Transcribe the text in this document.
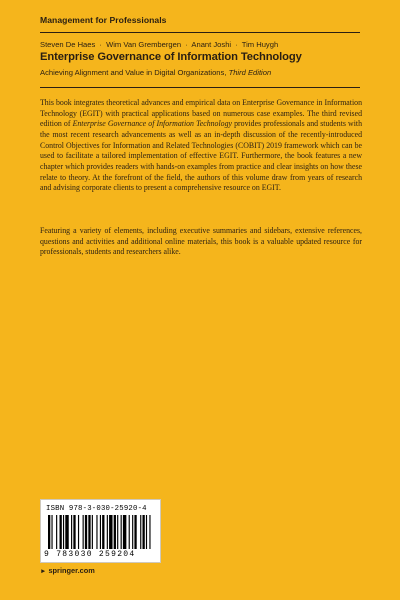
Management for Professionals
Steven De Haes · Wim Van Grembergen · Anant Joshi · Tim Huygh
Enterprise Governance of Information Technology
Achieving Alignment and Value in Digital Organizations, Third Edition

This book integrates theoretical advances and empirical data on Enterprise Governance in Information Technology (EGIT) with practical applications based on numerous case examples. The third revised edition of Enterprise Governance of Information Technology provides professionals and students with the most recent research advancements as well as an in-depth discussion of the recently-introduced Control Objectives for Information and Related Technologies (COBIT) 2019 framework which can be used to facilitate a tailored implementation of effective EGIT. Furthermore, the book features a new chapter which provides readers with hands-on examples from practice and clear insights on how these relate to theory. At the forefront of the field, the authors of this volume draw from years of research and advising corporate clients to present a comprehensive resource on EGIT.

Featuring a variety of elements, including executive summaries and sidebars, extensive references, questions and activities and additional online materials, this book is a valuable updated resource for professionals, students and researchers alike.

ISBN 978-3-030-25920-4
9 783030 259204
► springer.com
